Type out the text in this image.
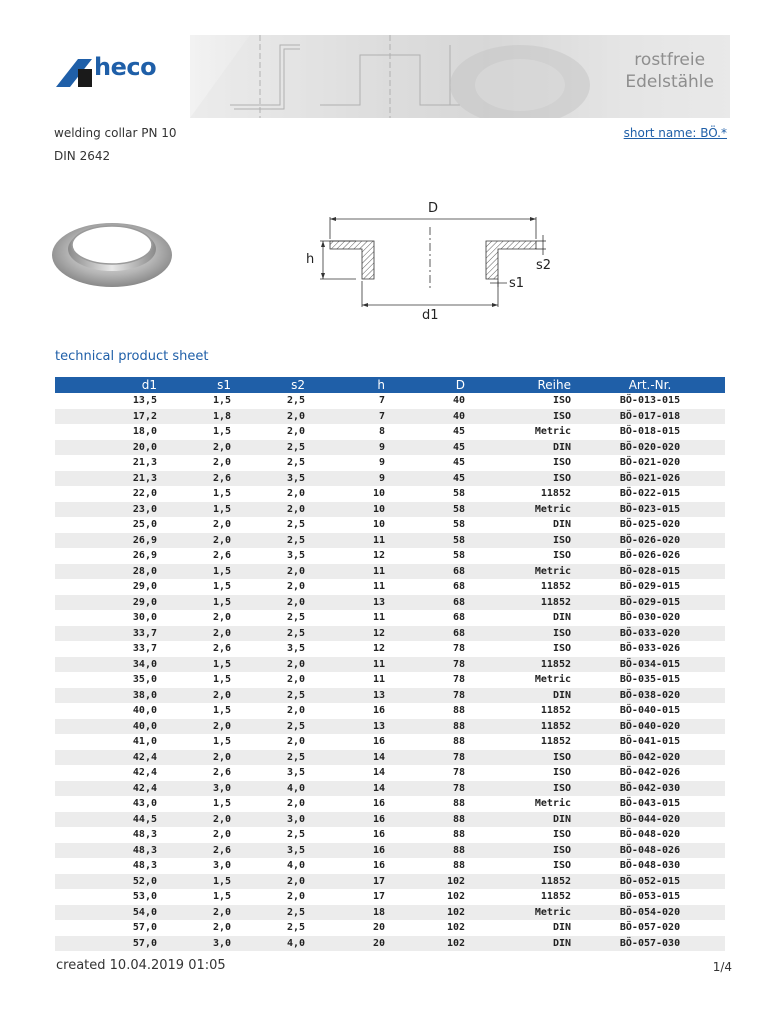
rostfreie
Edelstähle
heco
welding collar PN 10	short name: BÖ.*
DIN 2642
D
h	s2
s1
d1
technical product sheet
d1	s1	s2	h	D	Reihe	Art.-Nr.
13,5	1,5	2,5	7	40	ISO	BÖ-013-015
17,2	1,8	2,0	7	40	ISO	BÖ-017-018
18,0	1,5	2,0	8	45	Metric	BÖ-018-015
20,0	2,0	2,5	9	45	DIN	BÖ-020-020
21,3	2,0	2,5	9	45	ISO	BÖ-021-020
21,3	2,6	3,5	9	45	ISO	BÖ-021-026
22,0	1,5	2,0	10	58	11852	BÖ-022-015
23,0	1,5	2,0	10	58	Metric	BÖ-023-015
25,0	2,0	2,5	10	58	DIN	BÖ-025-020
26,9	2,0	2,5	11	58	ISO	BÖ-026-020
26,9	2,6	3,5	12	58	ISO	BÖ-026-026
28,0	1,5	2,0	11	68	Metric	BÖ-028-015
29,0	1,5	2,0	11	68	11852	BÖ-029-015
29,0	1,5	2,0	13	68	11852	BÖ-029-015
30,0	2,0	2,5	11	68	DIN	BÖ-030-020
33,7	2,0	2,5	12	68	ISO	BÖ-033-020
33,7	2,6	3,5	12	78	ISO	BÖ-033-026
34,0	1,5	2,0	11	78	11852	BÖ-034-015
35,0	1,5	2,0	11	78	Metric	BÖ-035-015
38,0	2,0	2,5	13	78	DIN	BÖ-038-020
40,0	1,5	2,0	16	88	11852	BÖ-040-015
40,0	2,0	2,5	13	88	11852	BÖ-040-020
41,0	1,5	2,0	16	88	11852	BÖ-041-015
42,4	2,0	2,5	14	78	ISO	BÖ-042-020
42,4	2,6	3,5	14	78	ISO	BÖ-042-026
42,4	3,0	4,0	14	78	ISO	BÖ-042-030
43,0	1,5	2,0	16	88	Metric	BÖ-043-015
44,5	2,0	3,0	16	88	DIN	BÖ-044-020
48,3	2,0	2,5	16	88	ISO	BÖ-048-020
48,3	2,6	3,5	16	88	ISO	BÖ-048-026
48,3	3,0	4,0	16	88	ISO	BÖ-048-030
52,0	1,5	2,0	17	102	11852	BÖ-052-015
53,0	1,5	2,0	17	102	11852	BÖ-053-015
54,0	2,0	2,5	18	102	Metric	BÖ-054-020
57,0	2,0	2,5	20	102	DIN	BÖ-057-020
57,0	3,0	4,0	20	102	DIN	BÖ-057-030
created 10.04.2019 01:05	1/4
